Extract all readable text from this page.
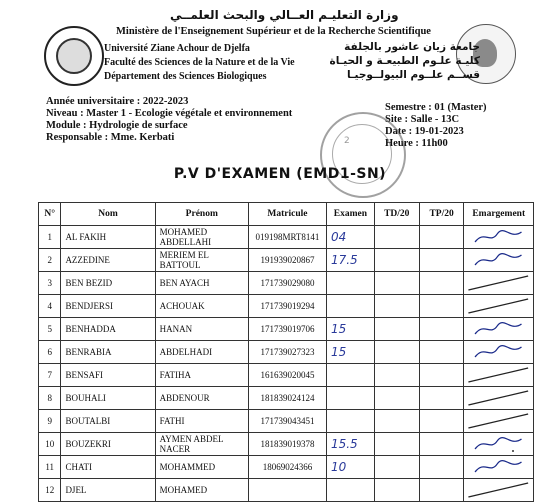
وزارة التعليـم العــالي والبحث العلمــي
Ministère de l'Enseignement Supérieur et de la Recherche Scientifique
Université Ziane Achour de Djelfa
Faculté des Sciences de la Nature et de la Vie
Département des Sciences Biologiques
جامعة زيان عاشور بالجلفة
كليـة علـوم الطبيعـة و الحيـاة
قســم علــوم البيولــوجيـا
Année universitaire : 2022-2023
Niveau : Master 1 - Ecologie végétale et environnement
Module : Hydrologie de surface
Responsable : Mme. Kerbati
Semestre : 01 (Master)
Site : Salle - 13C
Date : 19-01-2023
Heure : 11h00
2
P.V D'EXAMEN (EMD1-SN)
N°	Nom	Prénom	Matricule	Examen	TD/20	TP/20	Emargement
1	AL FAKIH	MOHAMED ABDELLAHI	019198MRT8141	04			

2	AZZEDINE	MERIEM EL BATTOUL	191939020867	17.5			

3	BEN BEZID	BEN AYACH	171739029080				

4	BENDJERSI	ACHOUAK	171739019294				

5	BENHADDA	HANAN	171739019706	15			

6	BENRABIA	ABDELHADI	171739027323	15			

7	BENSAFI	FATIHA	161639020045				

8	BOUHALI	ABDENOUR	181839024124				

9	BOUTALBI	FATHI	171739043451				

10	BOUZEKRI	AYMEN ABDEL NACER	181839019378	15.5			

11	CHATI	MOHAMMED	18069024366	10			

12	DJEL	MOHAMED					
